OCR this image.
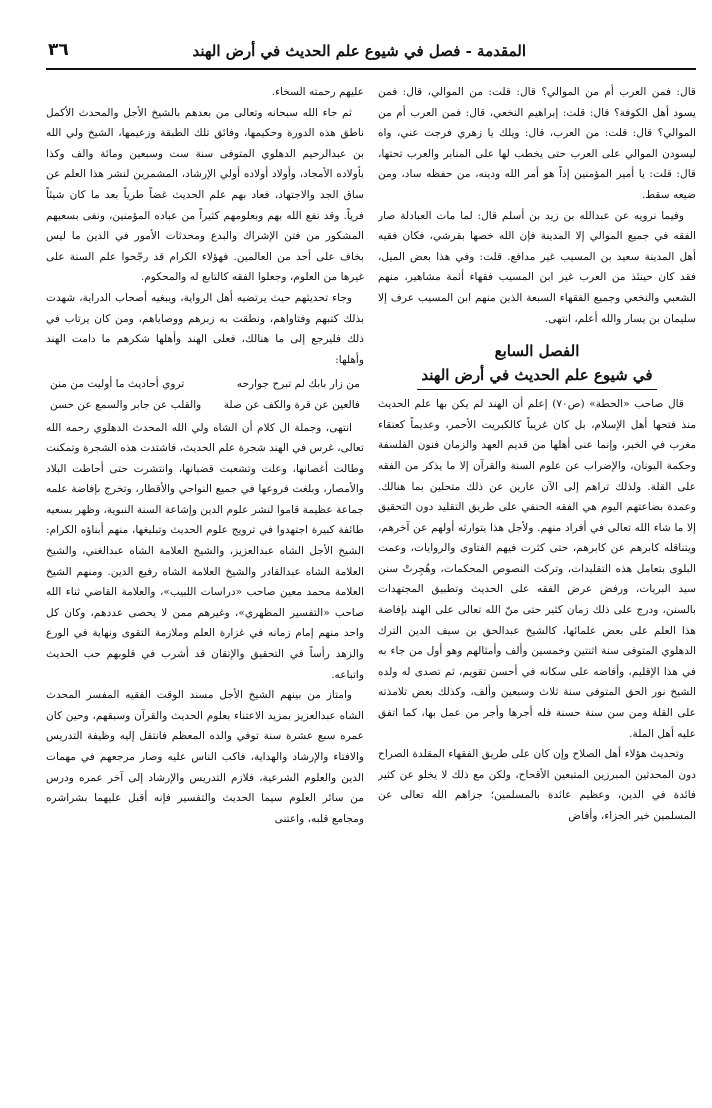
المقدمة - فصل في شيوع علم الحديث في أرض الهند
٣٦

قال: فمن العرب أم من الموالي؟ قال: قلت: من الموالي، قال: فمن يسود أهل الكوفة؟ قال: قلت: إبراهيم النخعي، قال: فمن العرب أم من الموالي؟ قال: قلت: من العرب، قال: ويلك يا زهري فرجت عني، واه ليسودن الموالي على العرب حتى يخطب لها على المنابر والعرب تحتها، قال: قلت: يا أمير المؤمنين إذاً هو أمر الله ودينه، من حفظه ساد، ومن ضيعه سقط.

وفيما نرويه عن عبدالله بن زيد بن أسلم قال: لما مات العبادلة صار الفقه في جميع الموالي إلا المدينة فإن الله خصها بقرشي، فكان فقيه أهل المدينة سعيد بن المسيب غير مدافع. قلت: وفي هذا بعض الميل، فقد كان حينئذ من العرب غير ابن المسيب فقهاء أئمة مشاهير، منهم الشعبي والنخعي وجميع الفقهاء السبعة الذين منهم ابن المسيب عرف إلا سليمان بن يسار والله أعلم، انتهى.

الفصل السابع
في شيوع علم الحديث في أرض الهند

قال صاحب «الحطة» (ص٧٠) إعلم أن الهند لم يكن بها علم الحديث منذ فتحها أهل الإسلام، بل كان غريباً كالكبريت الأحمر، وعديماً كعنقاء مغرب في الخبر، وإنما عنى أهلها من قديم العهد والزمان فنون الفلسفة وحكمة اليونان، والإضراب عن علوم السنة والقرآن إلا ما يذكر من الفقه على القلة. ولذلك تراهم إلى الآن عارين عن ذلك متحلين بما هنالك. وعمدة بضاعتهم اليوم هي الفقه الحنفي على طريق التقليد دون التحقيق إلا ما شاء الله تعالى في أفراد منهم. ولأجل هذا يتوارثه أولهم عن آخرهم، ويتناقله كابرهم عن كابرهم، حتى كثرت فيهم الفتاوى والروايات، وعمت البلوى بتعامل هذه التقليدات، وتركت النصوص المحكمات، وهُجِرتْ سنن سيد البريات، ورفض عرض الفقه على الحديث وتطبيق المجتهدات بالسنن، ودرج على ذلك زمان كثير حتى منّ الله تعالى على الهند بإفاضة هذا العلم على بعض علمائها، كالشيخ عبدالحق بن سيف الدين الترك الدهلوي المتوفى سنة اثنتين وخمسين وألف وأمثالهم وهو أول من جاء به في هذا الإقليم، وأفاضه على سكانه في أحسن تقويم، ثم تصدى له ولده الشيخ نور الحق المتوفى سنة ثلاث وسبعين وألف، وكذلك بعض تلامذته على القلة ومن سن سنة حسنة فله أجرها وأجر من عمل بها، كما اتفق عليه أهل الملة.

وتحديث هؤلاء أهل الصلاح وإن كان على طريق الفقهاء المقلدة الصراح دون المحدثين المبرزين المتبعين الأقحاح، ولكن مع ذلك لا يخلو عن كثير فائدة في الدين، وعظيم عائدة بالمسلمين؛ جزاهم الله تعالى عن المسلمين خير الجزاء، وأفاض

عليهم رحمته السخاء.

ثم جاء الله سبحانه وتعالى من بعدهم بالشيخ الأجل والمحدث الأكمل ناطق هذه الدورة وحكيمها، وفائق تلك الطبقة وزعيمها، الشيخ ولي الله بن عبدالرحيم الدهلوي المتوفى سنة ست وسبعين ومائة والف وكذا بأولاده الأمجاد، وأولاد أولاده أولي الإرشاد، المشمرين لنشر هذا العلم عن ساق الجد والاجتهاد، فعاد بهم علم الحديث غضاً طرياً بعد ما كان شيئاً فرياً. وقد نفع الله بهم وبعلومهم كثيراً من عباده المؤمنين، ونفى بسعيهم المشكور من فتن الإشراك والبدع ومحدثات الأمور في الدين ما ليس بخاف على أحد من العالمين. فهؤلاء الكرام قد رجّحوا علم السنة على غيرها من العلوم، وجعلوا الفقه كالتابع له والمحكوم.

وجاء تحديثهم حيث يرتضيه أهل الرواية، ويبغيه أصحاب الدراية، شهدت بذلك كتبهم وفتاواهم، ونطقت به زبرهم ووصاياهم، ومن كان يرتاب في ذلك فليرجع إلى ما هنالك، فعلى الهند وأهلها شكرهم ما دامت الهند وأهلها:

من زار بابك لم تبرح جوارحه
تروي أحاديث ما أوليت من منن
فالعين عن قرة والكف عن صلة
والقلب عن جابر والسمع عن حسن

انتهى، وجملة ال كلام أن الشاه ولي الله المحدث الدهلوي رحمه الله تعالى، غرس في الهند شجرة علم الحديث، فاشتدت هذه الشجرة وتمكنت وطالت أغصانها، وعلت وتشعبت قضبانها، وانتشرت حتى أحاطت البلاد والأمصار، وبلغت فروعها في جميع النواحي والأقطار، وتخرج بإفاضة علمه جماعة عظيمة قاموا لنشر علوم الدين وإشاعة السنة النبوية، وظهر بسعيه طائفة كبيرة اجتهدوا في ترويج علوم الحديث وتبليغها، منهم أبناؤه الكرام: الشيخ الأجل الشاه عبدالعزيز، والشيخ العلامة الشاه عبدالغني، والشيخ العلامة الشاه عبدالقادر والشيخ العلامة الشاه رفيع الدين. ومنهم الشيخ العلامة محمد معين صاحب «دراسات اللبيب»، والعلامة القاضي ثناء الله صاحب «التفسير المظهري»، وغيرهم ممن لا يحصى عددهم، وكان كل واحد منهم إمام زمانه في غزارة العلم وملازمة التقوى ونهاية في الورع والزهد رأساً في التحقيق والإتقان قد أشرب في قلوبهم حب الحديث واتباعه.

وامتاز من بينهم الشيخ الأجل مسند الوقت الفقيه المفسر المحدث الشاه عبدالعزيز بمزيد الاعتناء بعلوم الحديث والقرآن وسبقهم، وحين كان عمره سبع عشرة سنة توفي والده المعظم فانتقل إليه وظيفة التدريس والافتاء والإرشاد والهداية، فاكب الناس عليه وصار مرجعهم في مهمات الدين والعلوم الشرعية، فلازم التدريس والإرشاد إلى آخر عمره ودرس من سائر العلوم سيما الحديث والتفسير فإنه أقبل عليهما بشراشره ومجامع قلبه، واعتنى
